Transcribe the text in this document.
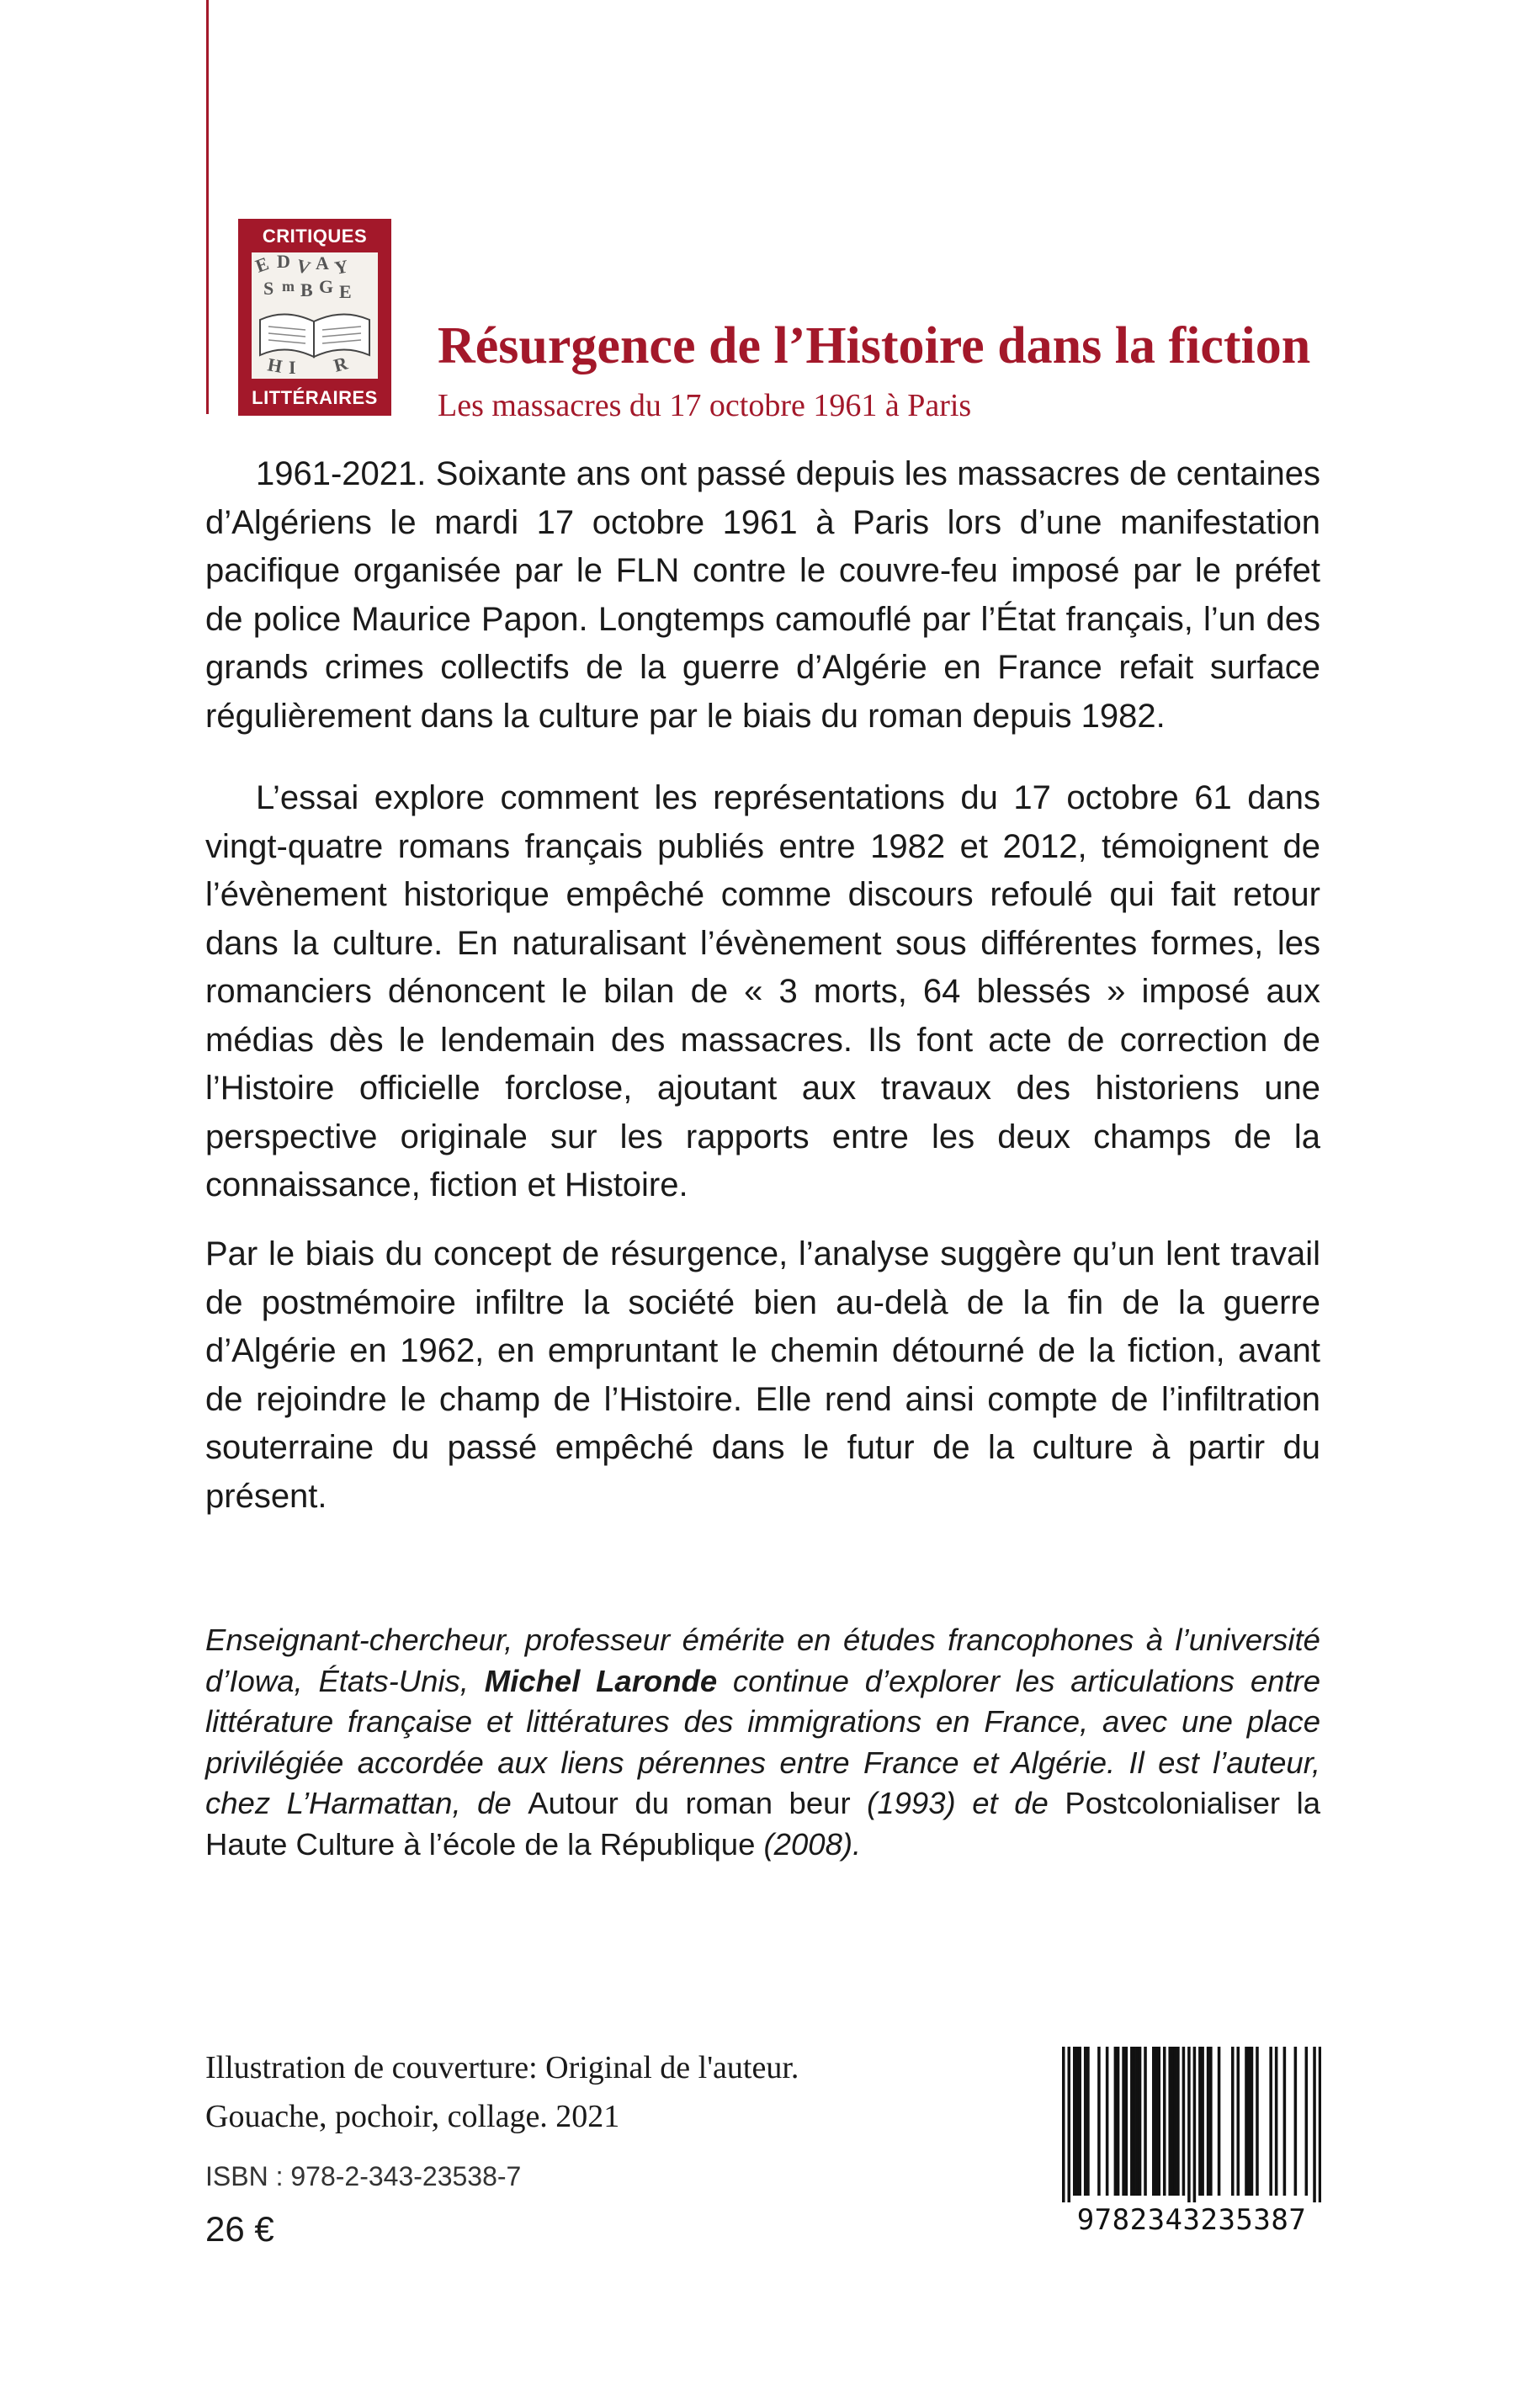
CRITIQUES
E D V A Y
S m B G E
H I R
LITTÉRAIRES
Résurgence de l’Histoire dans la fiction
Les massacres du 17 octobre 1961 à Paris

1961-2021. Soixante ans ont passé depuis les massacres de centaines d’Algériens le mardi 17 octobre 1961 à Paris lors d’une manifestation pacifique organisée par le FLN contre le couvre-feu imposé par le préfet de police Maurice Papon. Longtemps camouflé par l’État français, l’un des grands crimes collectifs de la guerre d’Algérie en France refait surface régulièrement dans la culture par le biais du roman depuis 1982.

L’essai explore comment les représentations du 17 octobre 61 dans vingt-quatre romans français publiés entre 1982 et 2012, témoignent de l’évènement historique empêché comme discours refoulé qui fait retour dans la culture. En naturalisant l’évènement sous différentes formes, les romanciers dénoncent le bilan de « 3 morts, 64 blessés » imposé aux médias dès le lendemain des massacres. Ils font acte de correction de l’Histoire officielle forclose, ajoutant aux travaux des historiens une perspective originale sur les rapports entre les deux champs de la connaissance, fiction et Histoire.

Par le biais du concept de résurgence, l’analyse suggère qu’un lent travail de postmémoire infiltre la société bien au-delà de la fin de la guerre d’Algérie en 1962, en empruntant le chemin détourné de la fiction, avant de rejoindre le champ de l’Histoire. Elle rend ainsi compte de l’infiltration souterraine du passé empêché dans le futur de la culture à partir du présent.

Enseignant-chercheur, professeur émérite en études francophones à l’université d’Iowa, États-Unis, Michel Laronde continue d’explorer les articulations entre littérature française et littératures des immigrations en France, avec une place privilégiée accordée aux liens pérennes entre France et Algérie. Il est l’auteur, chez L’Harmattan, de Autour du roman beur (1993) et de Postcolonialiser la Haute Culture à l’école de la République (2008).

Illustration de couverture: Original de l'auteur.
Gouache, pochoir, collage. 2021
ISBN : 978-2-343-23538-7
26 €	9782343235387
